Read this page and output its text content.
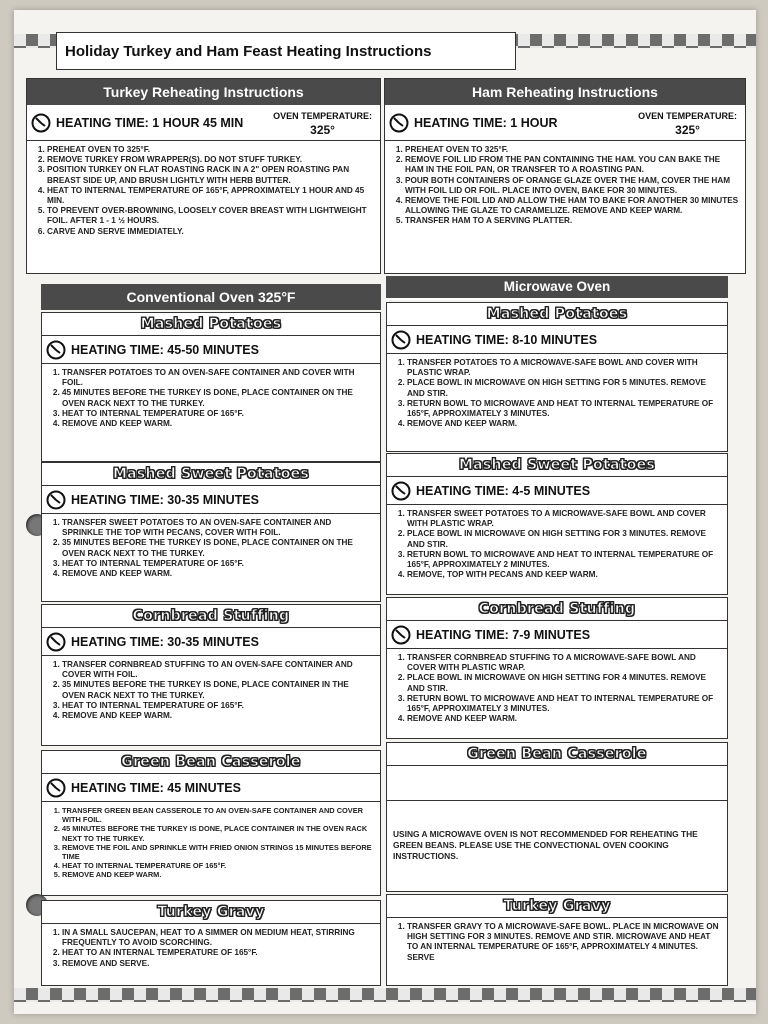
Holiday Turkey and Ham Feast Heating Instructions
Turkey Reheating Instructions
HEATING TIME: 1 HOUR 45 MIN	OVEN TEMPERATURE:
325°
1. PREHEAT OVEN TO 325°F.
2. REMOVE TURKEY FROM WRAPPER(S). DO NOT STUFF TURKEY.
3. POSITION TURKEY ON FLAT ROASTING RACK IN A 2" OPEN ROASTING PAN BREAST SIDE UP, AND BRUSH LIGHTLY WITH HERB BUTTER.
4. HEAT TO INTERNAL TEMPERATURE OF 165°F, APPROXIMATELY 1 HOUR AND 45 MIN.
5. TO PREVENT OVER-BROWNING, LOOSELY COVER BREAST WITH LIGHTWEIGHT FOIL. AFTER 1 - 1 ½ HOURS.
6. CARVE AND SERVE IMMEDIATELY.
Ham Reheating Instructions
HEATING TIME: 1 HOUR	OVEN TEMPERATURE:
325°
1. PREHEAT OVEN TO 325°F.
2. REMOVE FOIL LID FROM THE PAN CONTAINING THE HAM. YOU CAN BAKE THE HAM IN THE FOIL PAN, OR TRANSFER TO A ROASTING PAN.
3. POUR BOTH CONTAINERS OF ORANGE GLAZE OVER THE HAM, COVER THE HAM WITH FOIL LID OR FOIL. PLACE INTO OVEN, BAKE FOR 30 MINUTES.
4. REMOVE THE FOIL LID AND ALLOW THE HAM TO BAKE FOR ANOTHER 30 MINUTES ALLOWING THE GLAZE TO CARAMELIZE. REMOVE AND KEEP WARM.
5. TRANSFER HAM TO A SERVING PLATTER.
Conventional Oven 325°F
Microwave Oven
Mashed Potatoes
HEATING TIME: 45-50 MINUTES
1. TRANSFER POTATOES TO AN OVEN-SAFE CONTAINER AND COVER WITH FOIL.
2. 45 MINUTES BEFORE THE TURKEY IS DONE, PLACE CONTAINER ON THE OVEN RACK NEXT TO THE TURKEY.
3. HEAT TO INTERNAL TEMPERATURE OF 165°F.
4. REMOVE AND KEEP WARM.
Mashed Potatoes
HEATING TIME: 8-10 MINUTES
1. TRANSFER POTATOES TO A MICROWAVE-SAFE BOWL AND COVER WITH PLASTIC WRAP.
2. PLACE BOWL IN MICROWAVE ON HIGH SETTING FOR 5 MINUTES. REMOVE AND STIR.
3. RETURN BOWL TO MICROWAVE AND HEAT TO INTERNAL TEMPERATURE OF 165°F, APPROXIMATELY 3 MINUTES.
4. REMOVE AND KEEP WARM.
Mashed Sweet Potatoes
HEATING TIME: 30-35 MINUTES
1. TRANSFER SWEET POTATOES TO AN OVEN-SAFE CONTAINER AND SPRINKLE THE TOP WITH PECANS, COVER WITH FOIL.
2. 35 MINUTES BEFORE THE TURKEY IS DONE, PLACE CONTAINER ON THE OVEN RACK NEXT TO THE TURKEY.
3. HEAT TO INTERNAL TEMPERATURE OF 165°F.
4. REMOVE AND KEEP WARM.
Mashed Sweet Potatoes
HEATING TIME: 4-5 MINUTES
1. TRANSFER SWEET POTATOES TO A MICROWAVE-SAFE BOWL AND COVER WITH PLASTIC WRAP.
2. PLACE BOWL IN MICROWAVE ON HIGH SETTING FOR 3 MINUTES. REMOVE AND STIR.
3. RETURN BOWL TO MICROWAVE AND HEAT TO INTERNAL TEMPERATURE OF 165°F, APPROXIMATELY 2 MINUTES.
4. REMOVE, TOP WITH PECANS AND KEEP WARM.
Cornbread Stuffing
HEATING TIME: 30-35 MINUTES
1. TRANSFER CORNBREAD STUFFING TO AN OVEN-SAFE CONTAINER AND COVER WITH FOIL.
2. 35 MINUTES BEFORE THE TURKEY IS DONE, PLACE CONTAINER IN THE OVEN RACK NEXT TO THE TURKEY.
3. HEAT TO INTERNAL TEMPERATURE OF 165°F.
4. REMOVE AND KEEP WARM.
Cornbread Stuffing
HEATING TIME: 7-9 MINUTES
1. TRANSFER CORNBREAD STUFFING TO A MICROWAVE-SAFE BOWL AND COVER WITH PLASTIC WRAP.
2. PLACE BOWL IN MICROWAVE ON HIGH SETTING FOR 4 MINUTES. REMOVE AND STIR.
3. RETURN BOWL TO MICROWAVE AND HEAT TO INTERNAL TEMPERATURE OF 165°F, APPROXIMATELY 3 MINUTES.
4. REMOVE AND KEEP WARM.
Green Bean Casserole
HEATING TIME: 45 MINUTES
1. TRANSFER GREEN BEAN CASSEROLE TO AN OVEN-SAFE CONTAINER AND COVER WITH FOIL.
2. 45 MINUTES BEFORE THE TURKEY IS DONE, PLACE CONTAINER IN THE OVEN RACK NEXT TO THE TURKEY.
3. REMOVE THE FOIL AND SPRINKLE WITH FRIED ONION STRINGS 15 MINUTES BEFORE TIME
4. HEAT TO INTERNAL TEMPERATURE OF 165°F.
5. REMOVE AND KEEP WARM.
Green Bean Casserole
USING A MICROWAVE OVEN IS NOT RECOMMENDED FOR REHEATING THE GREEN BEANS. PLEASE USE THE CONVECTIONAL OVEN COOKING INSTRUCTIONS.
Turkey Gravy
1. IN A SMALL SAUCEPAN, HEAT TO A SIMMER ON MEDIUM HEAT, STIRRING FREQUENTLY TO AVOID SCORCHING.
2. HEAT TO AN INTERNAL TEMPERATURE OF 165°F.
3. REMOVE AND SERVE.
Turkey Gravy
1. TRANSFER GRAVY TO A MICROWAVE-SAFE BOWL. PLACE IN MICROWAVE ON HIGH SETTING FOR 3 MINUTES. REMOVE AND STIR. MICROWAVE AND HEAT TO AN INTERNAL TEMPERATURE OF 165°F, APPROXIMATELY 4 MINUTES. SERVE
